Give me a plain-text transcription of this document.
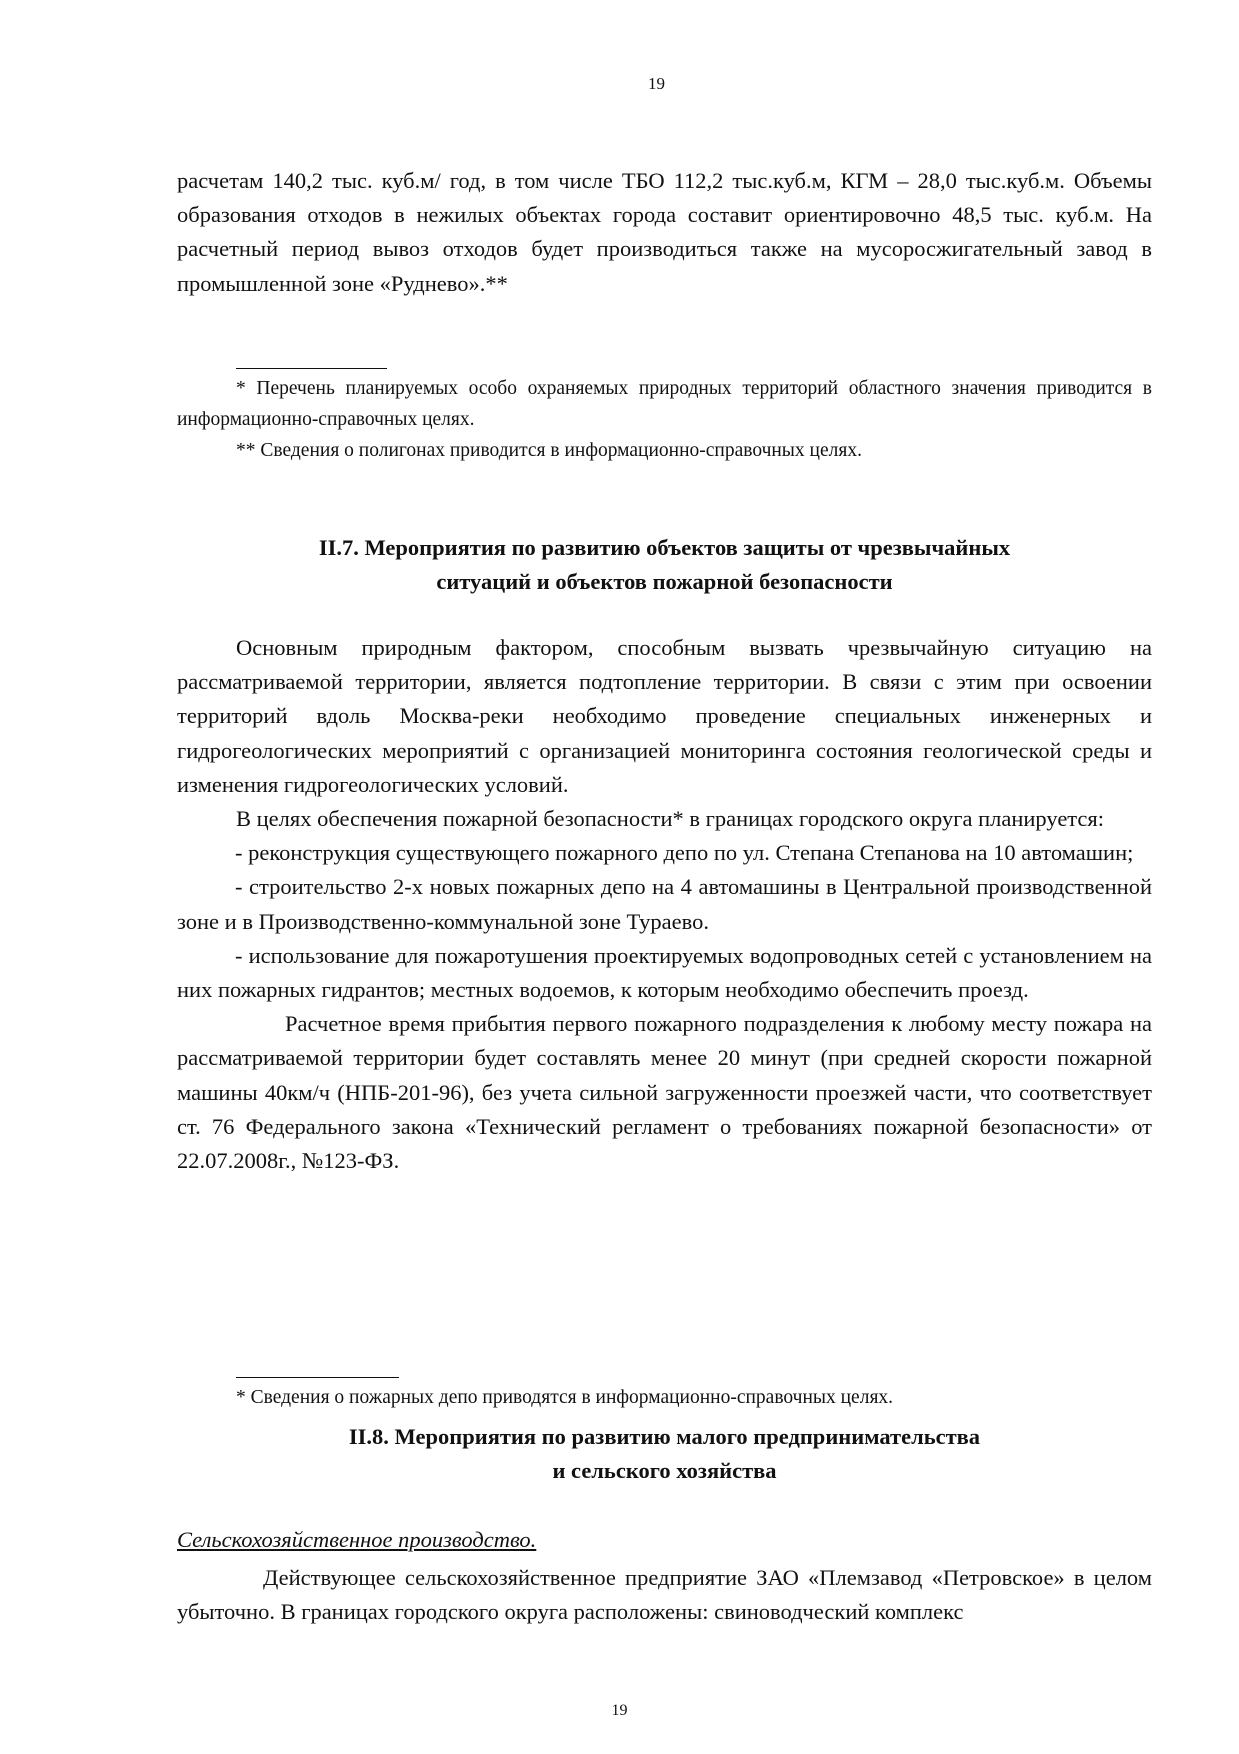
19

расчетам 140,2 тыс. куб.м/ год, в том числе ТБО 112,2 тыс.куб.м, КГМ – 28,0 тыс.куб.м. Объемы образования отходов в нежилых объектах города составит ориентировочно 48,5 тыс. куб.м. На расчетный период вывоз отходов будет производиться также на мусоросжигательный завод в промышленной зоне «Руднево».**

* Перечень планируемых особо охраняемых природных территорий областного значения приводится в информационно-справочных целях.

** Сведения о полигонах приводится в информационно-справочных целях.

II.7. Мероприятия по развитию объектов защиты от чрезвычайных

ситуаций и объектов пожарной безопасности

Основным природным фактором, способным вызвать чрезвычайную ситуацию на рассматриваемой территории, является подтопление территории. В связи с этим при освоении территорий вдоль Москва-реки необходимо проведение специальных инженерных и гидрогеологических мероприятий с организацией мониторинга состояния геологической среды и изменения гидрогеологических условий.

В целях обеспечения пожарной безопасности* в границах городского округа планируется:

- реконструкция существующего пожарного депо по ул. Степана Степанова на 10 автомашин;

- строительство 2-х новых пожарных депо на 4 автомашины в Центральной производственной зоне и в Производственно-коммунальной зоне Тураево.

- использование для пожаротушения проектируемых водопроводных сетей с установлением на них пожарных гидрантов; местных водоемов, к которым необходимо обеспечить проезд.

Расчетное время прибытия первого пожарного подразделения к любому месту пожара на рассматриваемой территории будет составлять менее 20 минут (при средней скорости пожарной машины 40км/ч (НПБ-201-96), без учета сильной загруженности проезжей части, что соответствует ст. 76 Федерального закона «Технический регламент о требованиях пожарной безопасности» от 22.07.2008г., №123-ФЗ.

* Сведения о пожарных депо приводятся в информационно-справочных целях.

II.8. Мероприятия по развитию малого предпринимательства

и сельского хозяйства

Сельскохозяйственное производство.

Действующее сельскохозяйственное предприятие ЗАО «Племзавод «Петровское» в целом убыточно. В границах городского округа расположены: свиноводческий комплекс

19
